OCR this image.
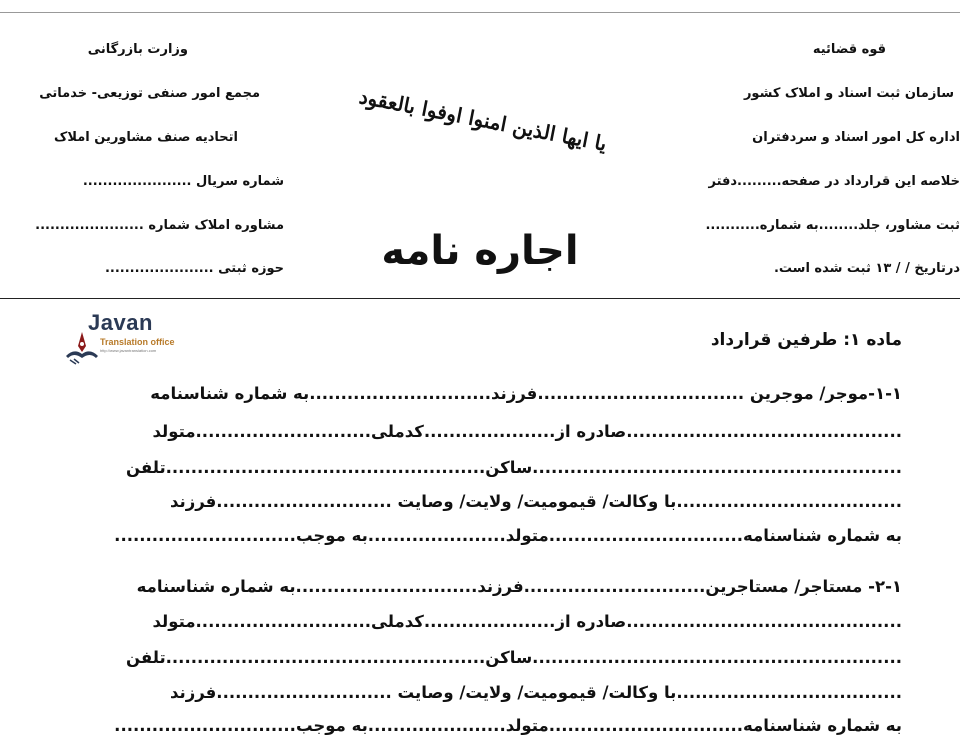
قوه قضائیه
سازمان ثبت اسناد و املاک کشور
اداره کل امور اسناد و سردفتران
خلاصه این قرارداد در صفحه.........دفتر
ثبت مشاور، جلد........به شماره...........
درتاریخ / / ۱۳ ثبت شده است.
وزارت بازرگانی
مجمع امور صنفی توزیعی- خدماتی
اتحادیه صنف مشاورین املاک
شماره سریال ......................
مشاوره املاک شماره ......................
حوزه ثبتی ......................
یا ایها الذین امنوا اوفوا بالعقود
اجاره نامه
Javan
Translation office
http://www.javantranslation.com
ماده ۱: طرفین قرارداد
۱-۱-موجر/ موجرین .................................فرزند.............................به شماره شناسنامه
............................................صادره از.....................کدملی............................متولد
...........................................................ساکن...................................................تلفن
....................................با وکالت/ قیمومیت/ ولایت/ وصایت ............................فرزند
به شماره شناسنامه...............................متولد......................به موجب.............................
۲-۱- مستاجر/ مستاجرین.............................فرزند.............................به شماره شناسنامه
............................................صادره از.....................کدملی............................متولد
...........................................................ساکن...................................................تلفن
....................................با وکالت/ قیمومیت/ ولایت/ وصایت ............................فرزند
به شماره شناسنامه...............................متولد......................به موجب.............................
